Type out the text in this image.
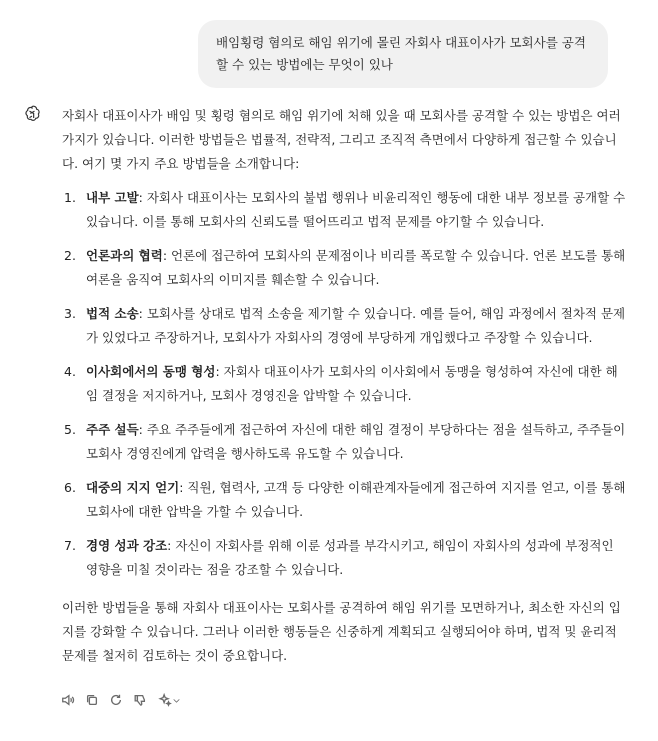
배임횡령 혐의로 해임 위기에 몰린 자회사 대표이사가 모회사를 공격할 수 있는 방법에는 무엇이 있나

자회사 대표이사가 배임 및 횡령 혐의로 해임 위기에 처해 있을 때 모회사를 공격할 수 있는 방법은 여러 가지가 있습니다. 이러한 방법들은 법률적, 전략적, 그리고 조직적 측면에서 다양하게 접근할 수 있습니다. 여기 몇 가지 주요 방법들을 소개합니다:

1. 내부 고발: 자회사 대표이사는 모회사의 불법 행위나 비윤리적인 행동에 대한 내부 정보를 공개할 수 있습니다. 이를 통해 모회사의 신뢰도를 떨어뜨리고 법적 문제를 야기할 수 있습니다.
2. 언론과의 협력: 언론에 접근하여 모회사의 문제점이나 비리를 폭로할 수 있습니다. 언론 보도를 통해 여론을 움직여 모회사의 이미지를 훼손할 수 있습니다.
3. 법적 소송: 모회사를 상대로 법적 소송을 제기할 수 있습니다. 예를 들어, 해임 과정에서 절차적 문제가 있었다고 주장하거나, 모회사가 자회사의 경영에 부당하게 개입했다고 주장할 수 있습니다.
4. 이사회에서의 동맹 형성: 자회사 대표이사가 모회사의 이사회에서 동맹을 형성하여 자신에 대한 해임 결정을 저지하거나, 모회사 경영진을 압박할 수 있습니다.
5. 주주 설득: 주요 주주들에게 접근하여 자신에 대한 해임 결정이 부당하다는 점을 설득하고, 주주들이 모회사 경영진에게 압력을 행사하도록 유도할 수 있습니다.
6. 대중의 지지 얻기: 직원, 협력사, 고객 등 다양한 이해관계자들에게 접근하여 지지를 얻고, 이를 통해 모회사에 대한 압박을 가할 수 있습니다.
7. 경영 성과 강조: 자신이 자회사를 위해 이룬 성과를 부각시키고, 해임이 자회사의 성과에 부정적인 영향을 미칠 것이라는 점을 강조할 수 있습니다.

이러한 방법들을 통해 자회사 대표이사는 모회사를 공격하여 해임 위기를 모면하거나, 최소한 자신의 입지를 강화할 수 있습니다. 그러나 이러한 행동들은 신중하게 계획되고 실행되어야 하며, 법적 및 윤리적 문제를 철저히 검토하는 것이 중요합니다.
